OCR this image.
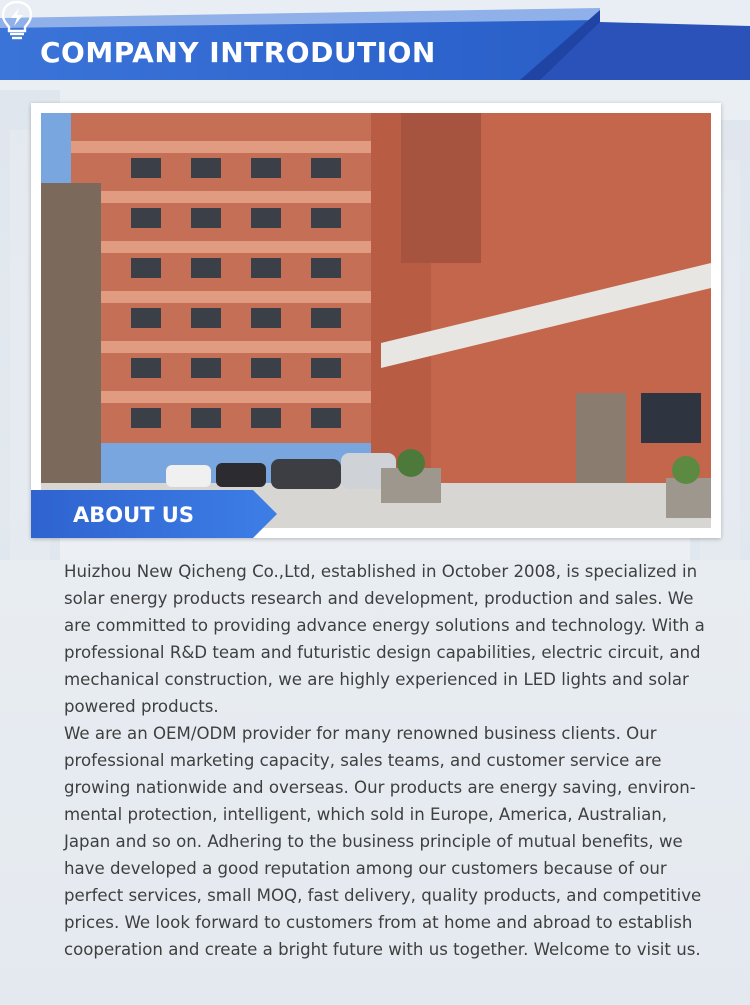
COMPANY INTRODUTION
ABOUT US

Huizhou New Qicheng Co.,Ltd, established in October 2008, is specialized in

solar energy products research and development, production and sales. We

are committed to providing advance energy solutions and technology. With a

professional R&D team and futuristic design capabilities, electric circuit, and

mechanical construction, we are highly experienced in LED lights and solar

powered products.

We are an OEM/ODM provider for many renowned business clients. Our

professional marketing capacity, sales teams, and customer service are

growing nationwide and overseas. Our products are energy saving, environ-

mental protection, intelligent, which sold in Europe, America, Australian,

Japan and so on. Adhering to the business principle of mutual benefits, we

have developed a good reputation among our customers because of our

perfect services, small MOQ, fast delivery, quality products, and competitive

prices. We look forward to customers from at home and abroad to establish

cooperation and create a bright future with us together. Welcome to visit us.
